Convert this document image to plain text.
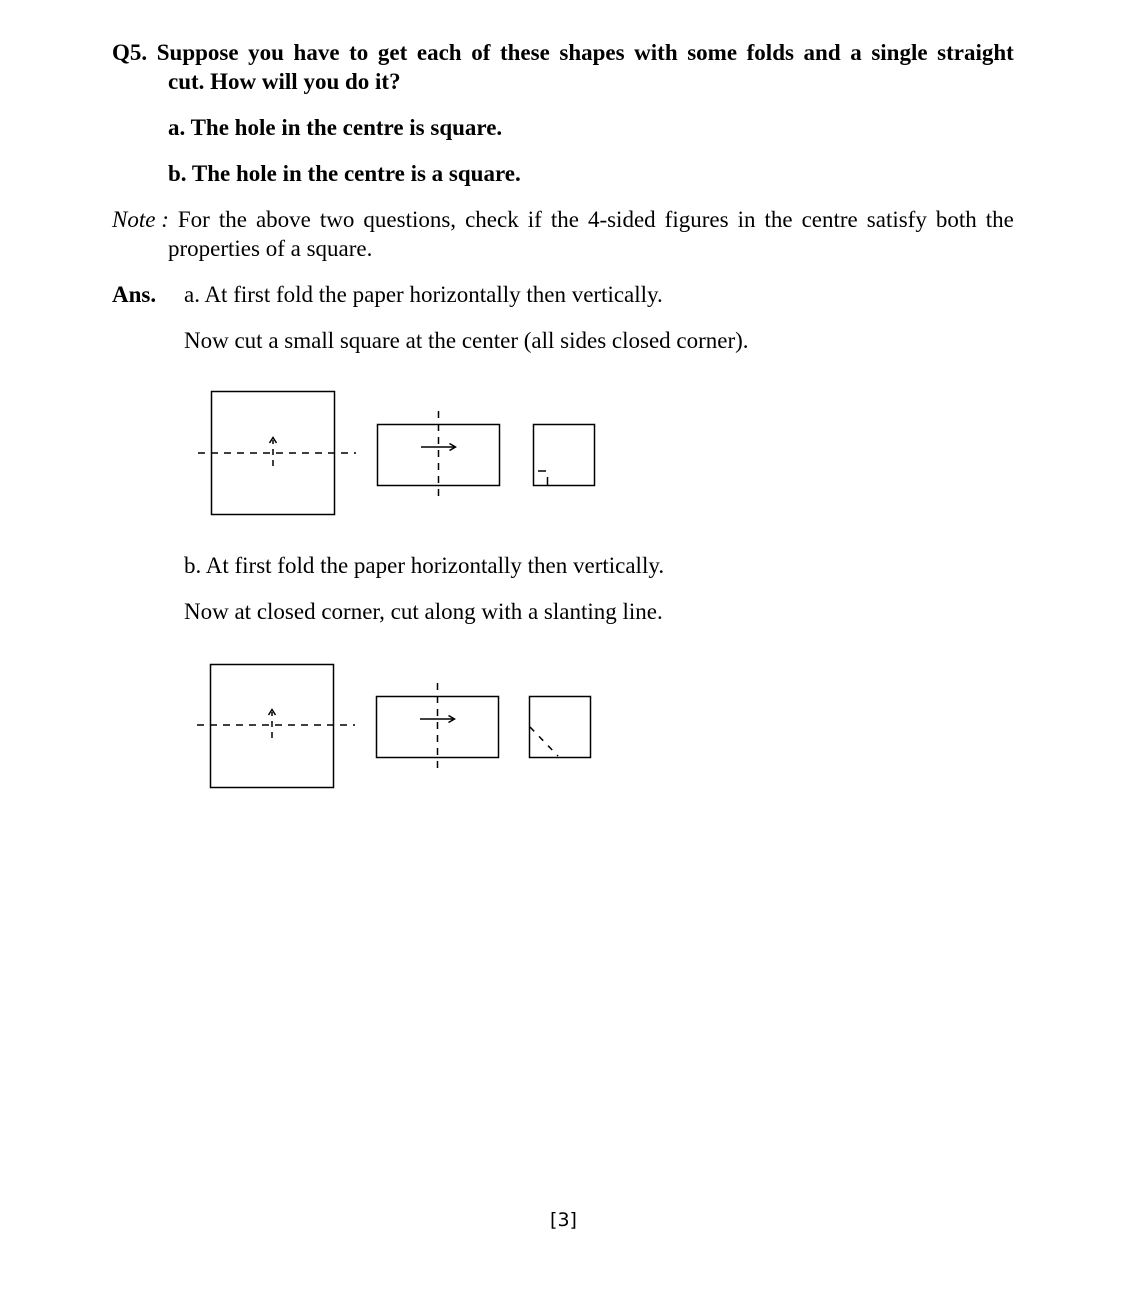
Q5. Suppose you have to get each of these shapes with some folds and a single straight
cut. How will you do it?
a. The hole in the centre is square.
b. The hole in the centre is a square.
Note : For the above two questions, check if the 4-sided figures in the centre satisfy both the
properties of a square.
Ans. a. At first fold the paper horizontally then vertically.
Now cut a small square at the center (all sides closed corner).
b. At first fold the paper horizontally then vertically.
Now at closed corner, cut along with a slanting line.
[3]
